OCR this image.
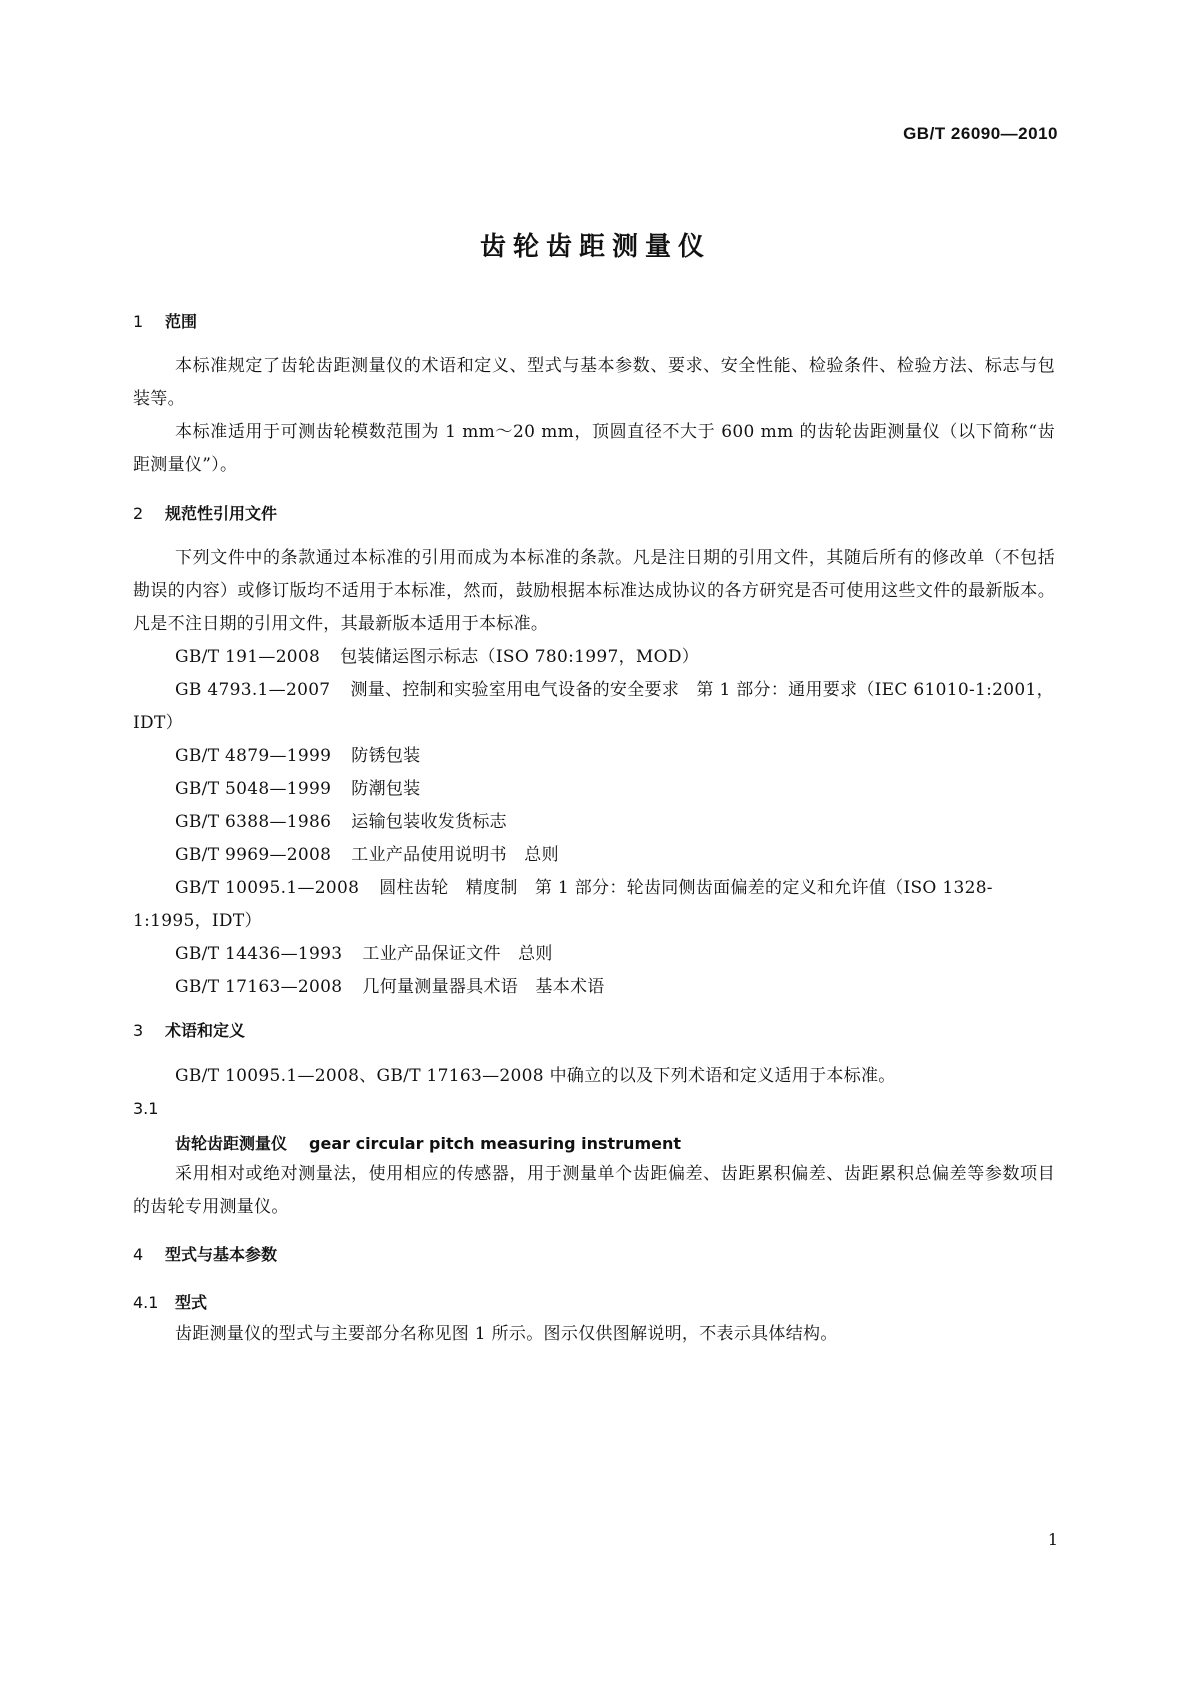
GB/T 26090—2010
齿轮齿距测量仪
1 范围
本标准规定了齿轮齿距测量仪的术语和定义、型式与基本参数、要求、安全性能、检验条件、检验方法、标志与包装等。
本标准适用于可测齿轮模数范围为 1 mm～20 mm，顶圆直径不大于 600 mm 的齿轮齿距测量仪（以下简称“齿距测量仪”）。
2 规范性引用文件
下列文件中的条款通过本标准的引用而成为本标准的条款。凡是注日期的引用文件，其随后所有的修改单（不包括勘误的内容）或修订版均不适用于本标准，然而，鼓励根据本标准达成协议的各方研究是否可使用这些文件的最新版本。凡是不注日期的引用文件，其最新版本适用于本标准。
GB/T 191—2008 包装储运图示标志（ISO 780:1997，MOD）
GB 4793.1—2007 测量、控制和实验室用电气设备的安全要求　第 1 部分：通用要求（IEC 61010-1:2001，IDT）
GB/T 4879—1999 防锈包装
GB/T 5048—1999 防潮包装
GB/T 6388—1986 运输包装收发货标志
GB/T 9969—2008 工业产品使用说明书　总则
GB/T 10095.1—2008 圆柱齿轮　精度制　第 1 部分：轮齿同侧齿面偏差的定义和允许值（ISO 1328-1:1995，IDT）
GB/T 14436—1993 工业产品保证文件　总则
GB/T 17163—2008 几何量测量器具术语　基本术语
3 术语和定义
GB/T 10095.1—2008、GB/T 17163—2008 中确立的以及下列术语和定义适用于本标准。
3.1
齿轮齿距测量仪 gear circular pitch measuring instrument
采用相对或绝对测量法，使用相应的传感器，用于测量单个齿距偏差、齿距累积偏差、齿距累积总偏差等参数项目的齿轮专用测量仪。
4 型式与基本参数
4.1 型式
齿距测量仪的型式与主要部分名称见图 1 所示。图示仅供图解说明，不表示具体结构。
1
